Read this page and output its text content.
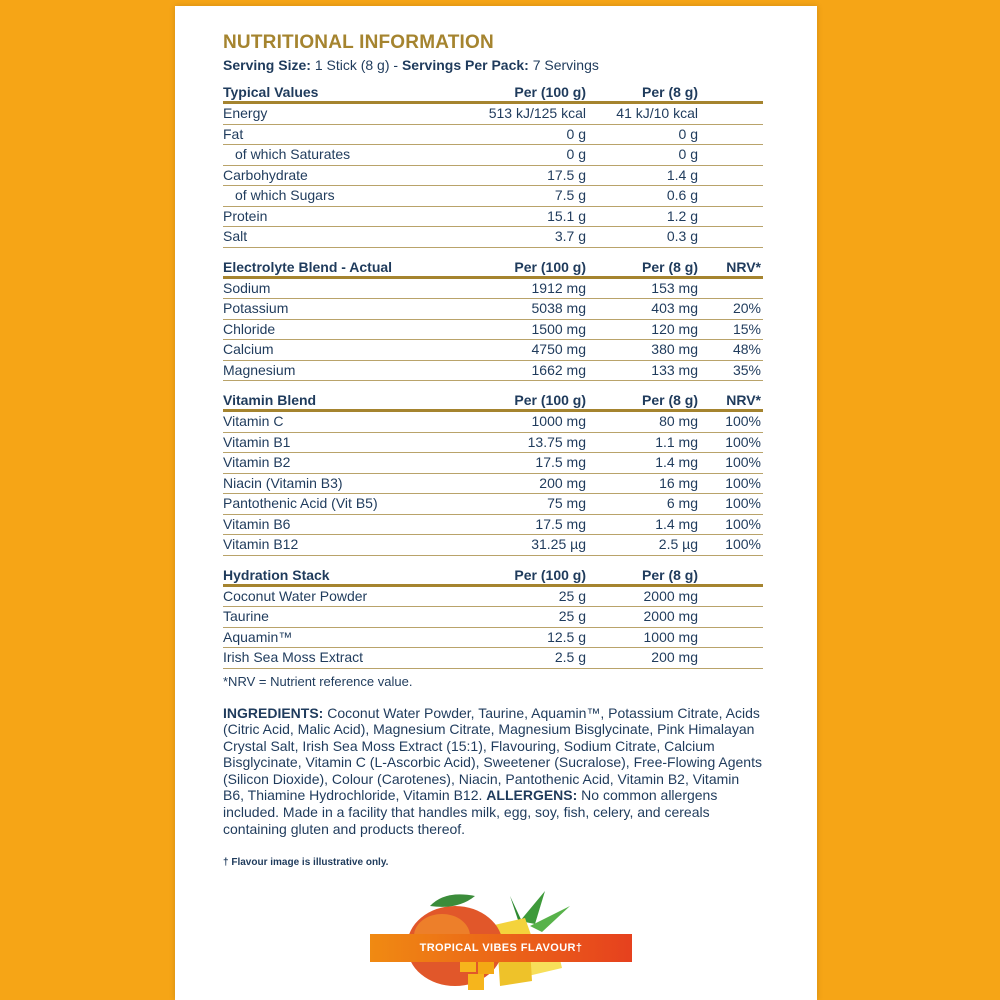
NUTRITIONAL INFORMATION
Serving Size: 1 Stick (8 g) - Servings Per Pack: 7 Servings
Typical Values	Per (100 g)	Per (8 g)	
Energy	513 kJ/125 kcal	41 kJ/10 kcal	
Fat	0 g	0 g	
of which Saturates	0 g	0 g	
Carbohydrate	17.5 g	1.4 g	
of which Sugars	7.5 g	0.6 g	
Protein	15.1 g	1.2 g	
Salt	3.7 g	0.3 g	
Electrolyte Blend - Actual	Per (100 g)	Per (8 g)	NRV*
Sodium	1912 mg	153 mg	
Potassium	5038 mg	403 mg	20%
Chloride	1500 mg	120 mg	15%
Calcium	4750 mg	380 mg	48%
Magnesium	1662 mg	133 mg	35%
Vitamin Blend	Per (100 g)	Per (8 g)	NRV*
Vitamin C	1000 mg	80 mg	100%
Vitamin B1	13.75 mg	1.1 mg	100%
Vitamin B2	17.5 mg	1.4 mg	100%
Niacin (Vitamin B3)	200 mg	16 mg	100%
Pantothenic Acid (Vit B5)	75 mg	6 mg	100%
Vitamin B6	17.5 mg	1.4 mg	100%
Vitamin B12	31.25 µg	2.5 µg	100%
Hydration Stack	Per (100 g)	Per (8 g)	
Coconut Water Powder	25 g	2000 mg	
Taurine	25 g	2000 mg	
Aquamin™	12.5 g	1000 mg	
Irish Sea Moss Extract	2.5 g	200 mg	
*NRV = Nutrient reference value.
INGREDIENTS: Coconut Water Powder, Taurine, Aquamin™, Potassium Citrate, Acids (Citric Acid, Malic Acid), Magnesium Citrate, Magnesium Bisglycinate, Pink Himalayan Crystal Salt, Irish Sea Moss Extract (15:1), Flavouring, Sodium Citrate, Calcium Bisglycinate, Vitamin C (L-Ascorbic Acid), Sweetener (Sucralose), Free-Flowing Agents (Silicon Dioxide), Colour (Carotenes), Niacin, Pantothenic Acid, Vitamin B2, Vitamin B6, Thiamine Hydrochloride, Vitamin B12. ALLERGENS: No common allergens included. Made in a facility that handles milk, egg, soy, fish, celery, and cereals containing gluten and products thereof.
† Flavour image is illustrative only.
TROPICAL VIBES FLAVOUR†
